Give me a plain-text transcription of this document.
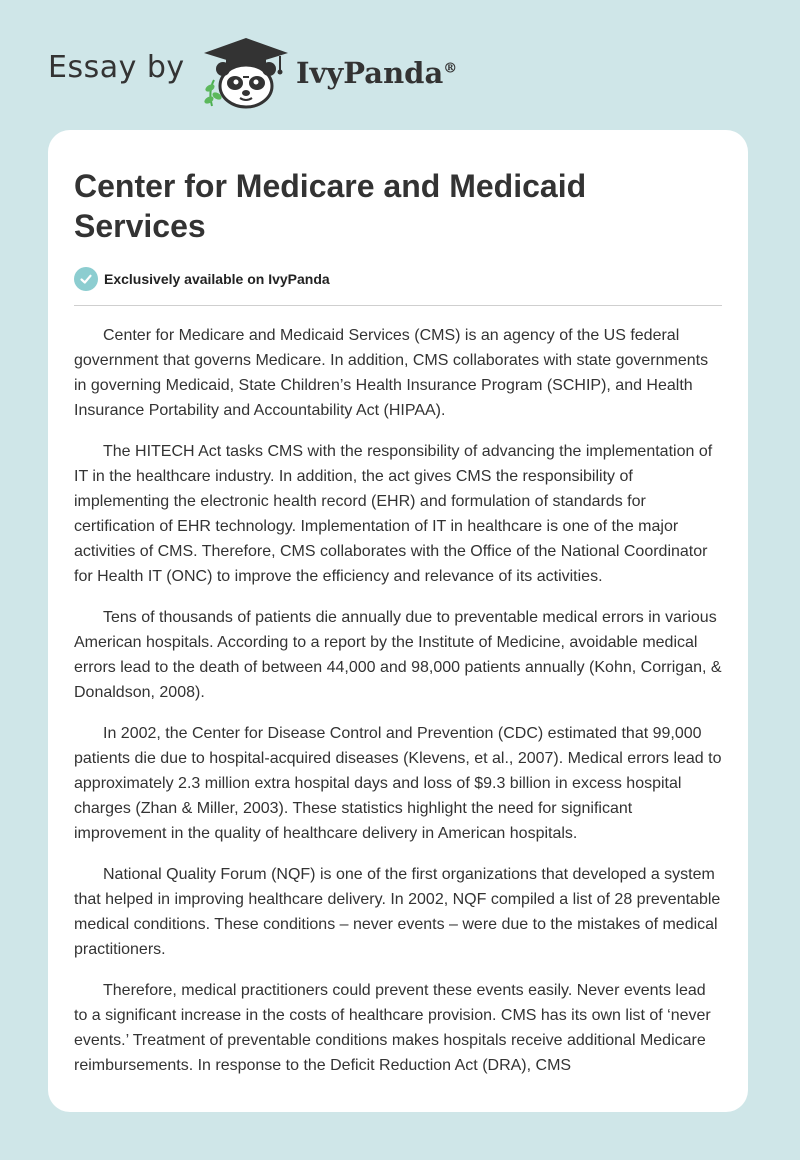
Essay by	IvyPanda®
Center for Medicare and Medicaid Services
Exclusively available on IvyPanda

Center for Medicare and Medicaid Services (CMS) is an agency of the US federal government that governs Medicare. In addition, CMS collaborates with state governments in governing Medicaid, State Children’s Health Insurance Program (SCHIP), and Health Insurance Portability and Accountability Act (HIPAA).

The HITECH Act tasks CMS with the responsibility of advancing the implementation of IT in the healthcare industry. In addition, the act gives CMS the responsibility of implementing the electronic health record (EHR) and formulation of standards for certification of EHR technology. Implementation of IT in healthcare is one of the major activities of CMS. Therefore, CMS collaborates with the Office of the National Coordinator for Health IT (ONC) to improve the efficiency and relevance of its activities.

Tens of thousands of patients die annually due to preventable medical errors in various American hospitals. According to a report by the Institute of Medicine, avoidable medical errors lead to the death of between 44,000 and 98,000 patients annually (Kohn, Corrigan, & Donaldson, 2008).

In 2002, the Center for Disease Control and Prevention (CDC) estimated that 99,000 patients die due to hospital-acquired diseases (Klevens, et al., 2007). Medical errors lead to approximately 2.3 million extra hospital days and loss of $9.3 billion in excess hospital charges (Zhan & Miller, 2003). These statistics highlight the need for significant improvement in the quality of healthcare delivery in American hospitals.

National Quality Forum (NQF) is one of the first organizations that developed a system that helped in improving healthcare delivery. In 2002, NQF compiled a list of 28 preventable medical conditions. These conditions – never events – were due to the mistakes of medical practitioners.

Therefore, medical practitioners could prevent these events easily. Never events lead to a significant increase in the costs of healthcare provision. CMS has its own list of ‘never events.’ Treatment of preventable conditions makes hospitals receive additional Medicare reimbursements. In response to the Deficit Reduction Act (DRA), CMS
